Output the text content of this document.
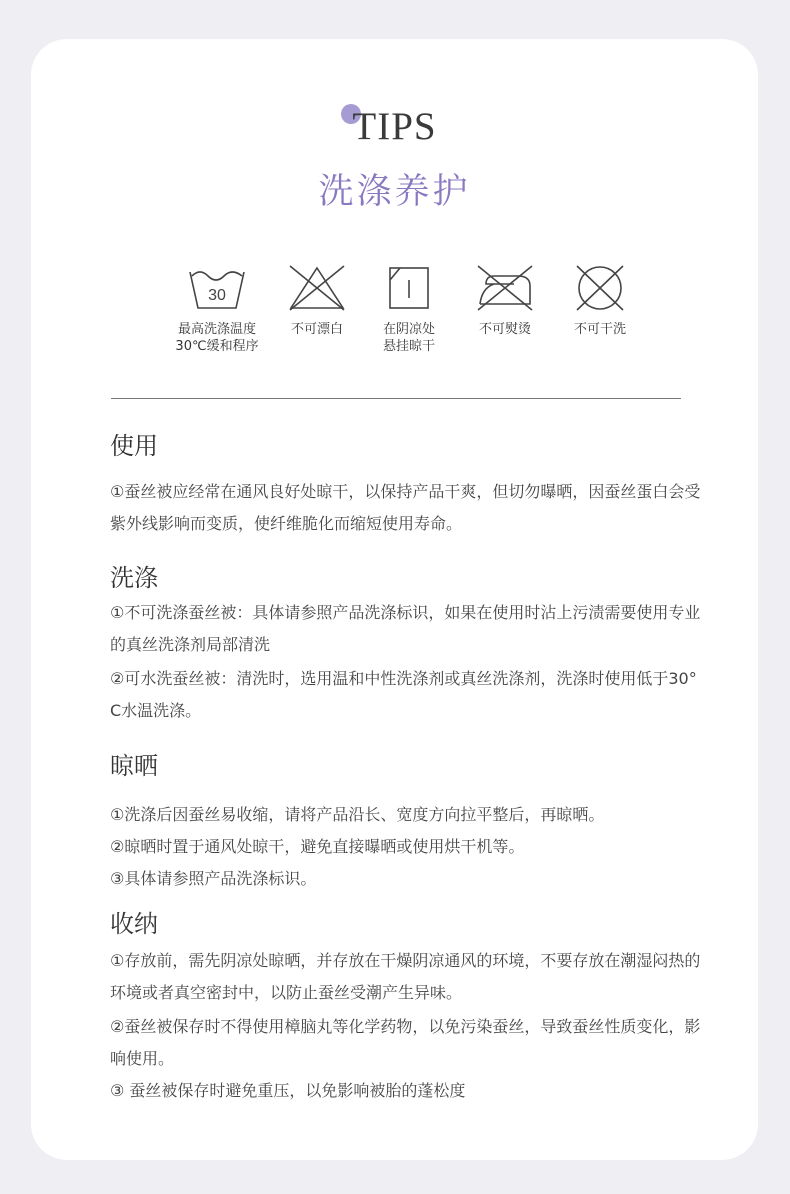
TIPS
洗涤养护
30
最高洗涤温度
30℃缓和程序
不可漂白	在阴凉处
悬挂晾干
不可熨烫	不可干洗
使用
①蚕丝被应经常在通风良好处晾干，以保持产品干爽，但切勿曝晒，因蚕丝蛋白会受紫外线影响而变质，使纤维脆化而缩短使用寿命。
洗涤
①不可洗涤蚕丝被：具体请参照产品洗涤标识，如果在使用时沾上污渍需要使用专业的真丝洗涤剂局部清洗
②可水洗蚕丝被：清洗时，选用温和中性洗涤剂或真丝洗涤剂，洗涤时使用低于30° C水温洗涤。
晾晒
①洗涤后因蚕丝易收缩，请将产品沿长、宽度方向拉平整后，再晾晒。
②晾晒时置于通风处晾干，避免直接曝晒或使用烘干机等。
③具体请参照产品洗涤标识。
收纳
①存放前，需先阴凉处晾晒，并存放在干燥阴凉通风的环境，不要存放在潮湿闷热的环境或者真空密封中，以防止蚕丝受潮产生异味。
②蚕丝被保存时不得使用樟脑丸等化学药物，以免污染蚕丝，导致蚕丝性质变化，影响使用。
③ 蚕丝被保存时避免重压，以免影响被胎的蓬松度
